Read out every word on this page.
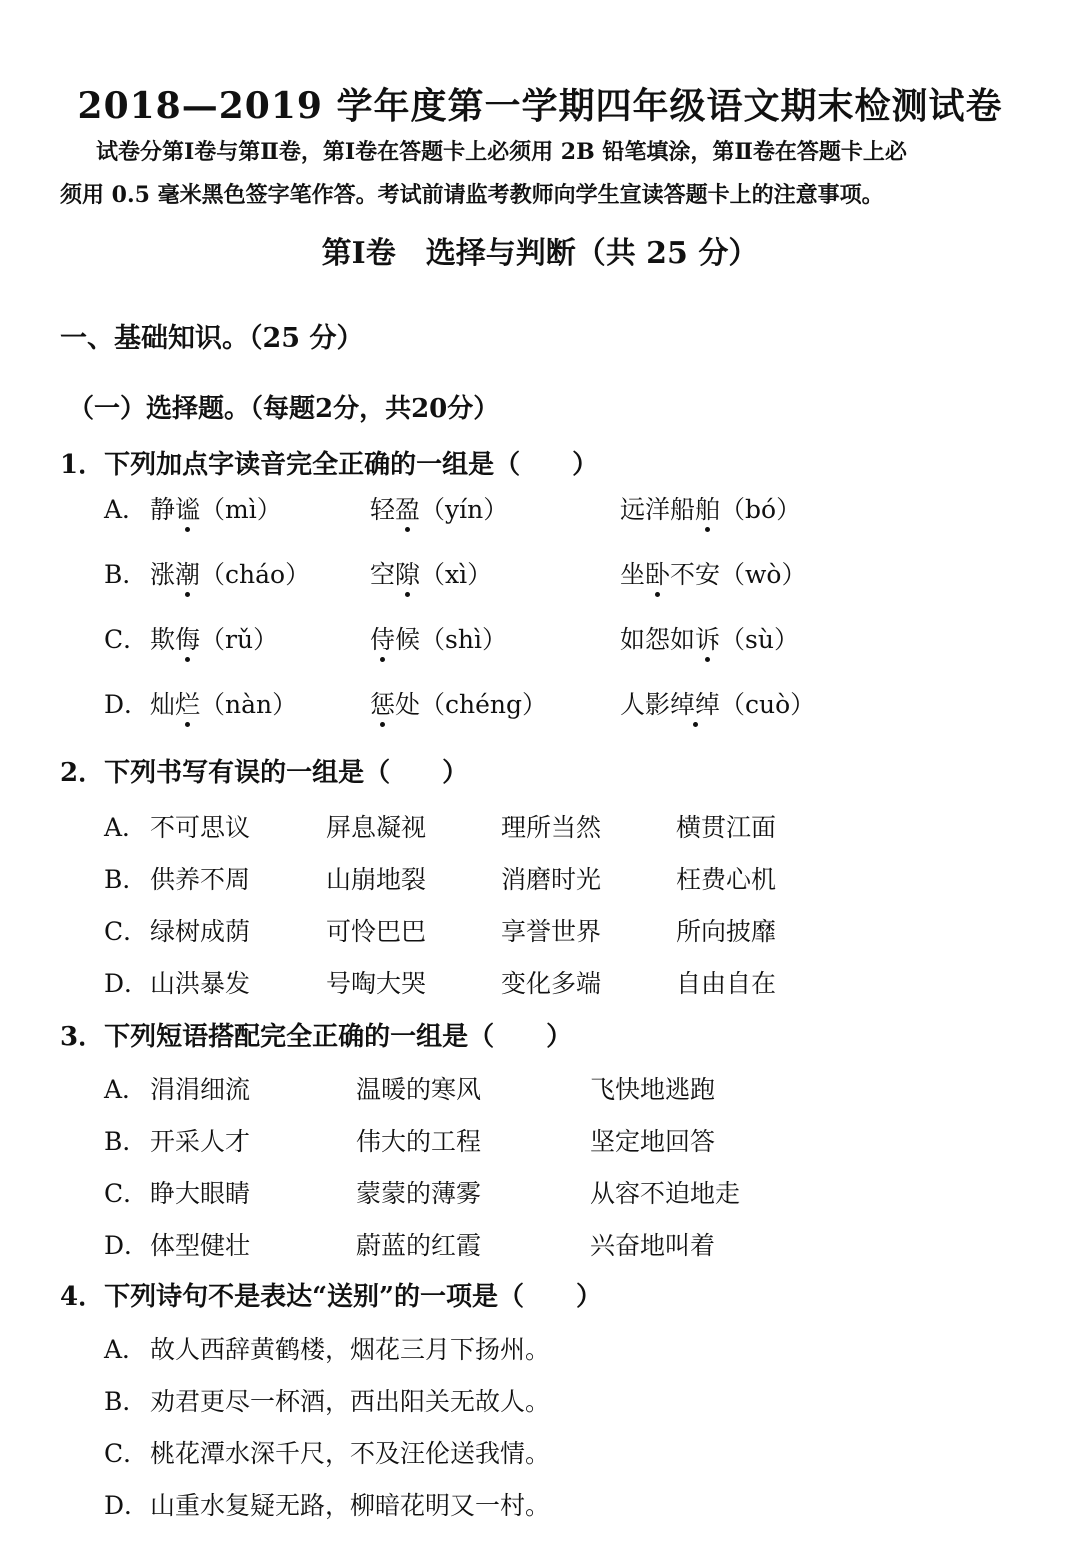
2018—2019 学年度第一学期四年级语文期末检测试卷
试卷分第Ⅰ卷与第Ⅱ卷，第Ⅰ卷在答题卡上必须用 2B 铅笔填涂，第Ⅱ卷在答题卡上必
须用 0.5 毫米黑色签字笔作答。考试前请监考教师向学生宣读答题卡上的注意事项。
第Ⅰ卷　选择与判断（共 25 分）
一、基础知识。（25 分）
（一）选择题。（每题2分，共20分）
1．下列加点字读音完全正确的一组是（　　）
A． 静谧（mì）	轻盈（yín）	远洋船舶（bó）
B． 涨潮（cháo） 空隙（xì）	坐卧不安（wò）
C． 欺侮（rǔ）	侍候（shì）	如怨如诉（sù）
D． 灿烂（nàn）	惩处（chéng）	人影绰绰（cuò）
2．下列书写有误的一组是（　　）
A． 不可思议	屏息凝视	理所当然	横贯江面
B． 供养不周	山崩地裂	消磨时光	枉费心机
C． 绿树成荫	可怜巴巴	享誉世界	所向披靡
D． 山洪暴发	号啕大哭	变化多端	自由自在
3．下列短语搭配完全正确的一组是（　　）
A． 涓涓细流	温暖的寒风	飞快地逃跑
B． 开采人才	伟大的工程	坚定地回答
C． 睁大眼睛	蒙蒙的薄雾	从容不迫地走
D． 体型健壮	蔚蓝的红霞	兴奋地叫着
4．下列诗句不是表达“送别”的一项是（　　）
A． 故人西辞黄鹤楼，烟花三月下扬州。
B． 劝君更尽一杯酒，西出阳关无故人。
C．桃花潭水深千尺，不及汪伦送我情。
D．山重水复疑无路，柳暗花明又一村。
